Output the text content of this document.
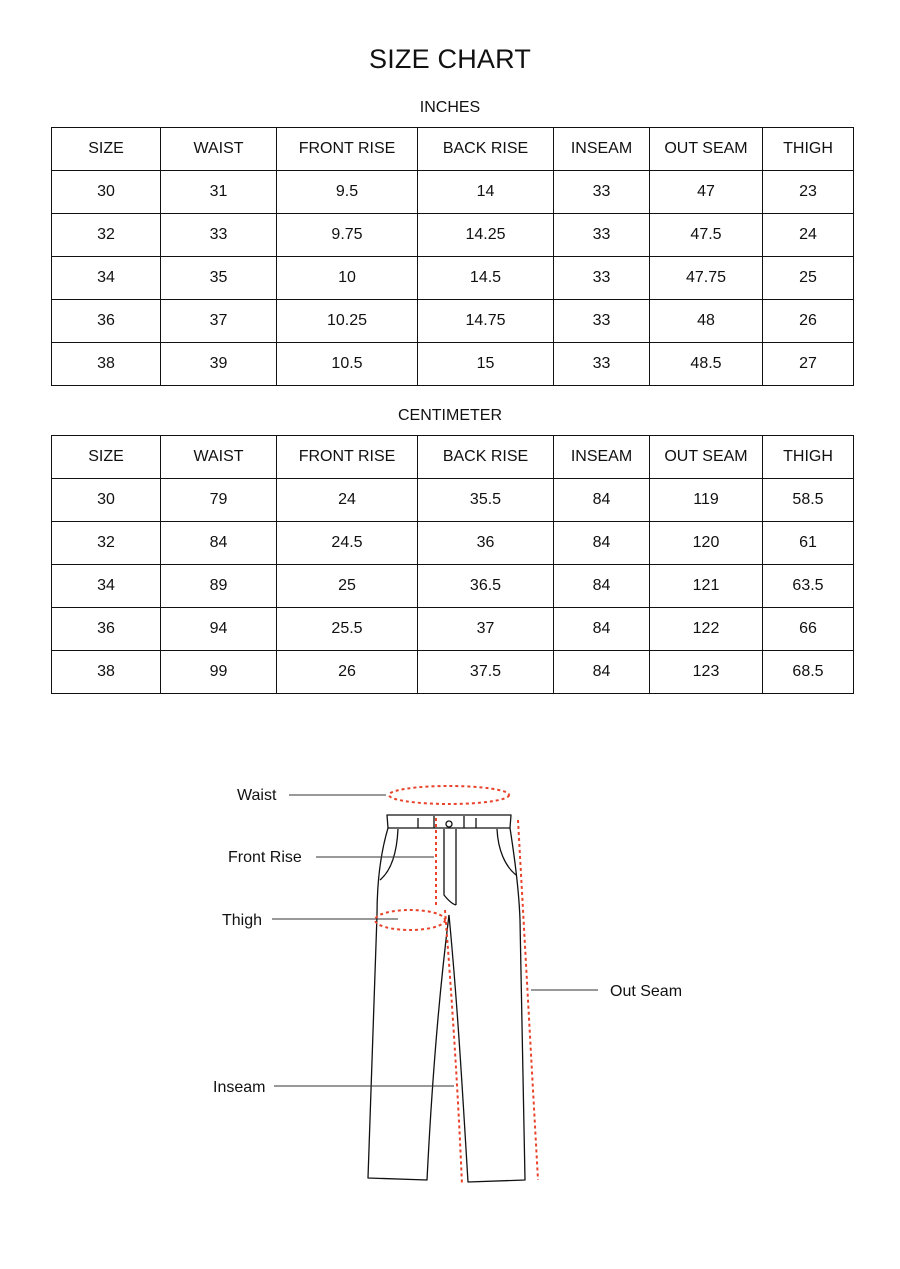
SIZE CHART
INCHES
SIZE	WAIST	FRONT RISE	BACK RISE	INSEAM	OUT SEAM	THIGH
30	31	9.5	14	33	47	23
32	33	9.75	14.25	33	47.5	24
34	35	10	14.5	33	47.75	25
36	37	10.25	14.75	33	48	26
38	39	10.5	15	33	48.5	27
CENTIMETER
SIZE	WAIST	FRONT RISE	BACK RISE	INSEAM	OUT SEAM	THIGH
30	79	24	35.5	84	119	58.5
32	84	24.5	36	84	120	61
34	89	25	36.5	84	121	63.5
36	94	25.5	37	84	122	66
38	99	26	37.5	84	123	68.5
Waist
Front Rise
Thigh
Out Seam
Inseam
